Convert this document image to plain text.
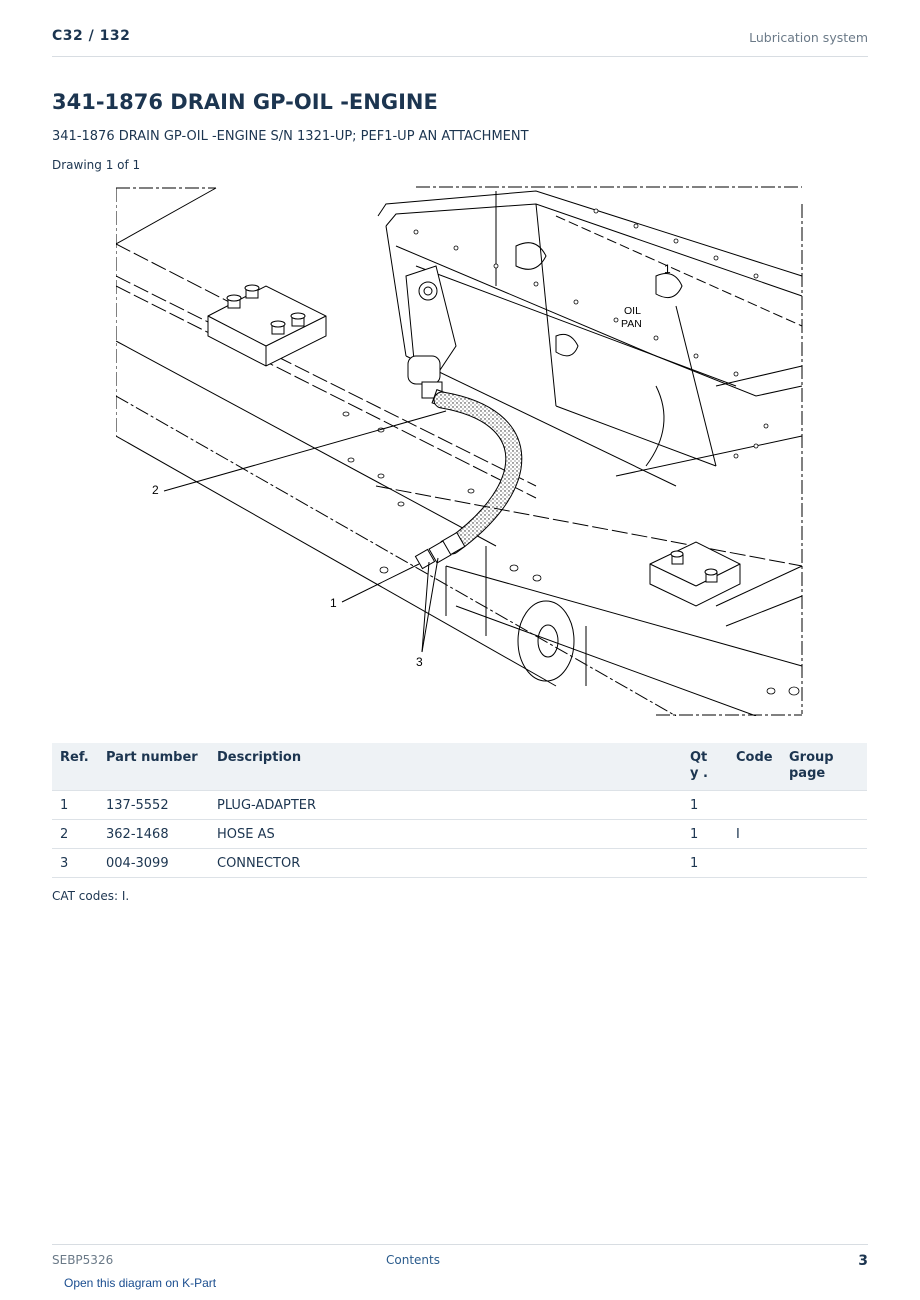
C32 / 132	Lubrication system
341-1876 DRAIN GP-OIL -ENGINE
341-1876 DRAIN GP-OIL -ENGINE S/N 1321-UP; PEF1-UP AN ATTACHMENT
Drawing 1 of 1
2
1
3
1
OIL
PAN
Ref.	Part number	Description	Qty .	Code	Group page
1	137-5552	PLUG-ADAPTER	1		
2	362-1468	HOSE AS	1	I	
3	004-3099	CONNECTOR	1		
CAT codes: I.
SEBP5326	Contents	3
Open this diagram on K-Part
